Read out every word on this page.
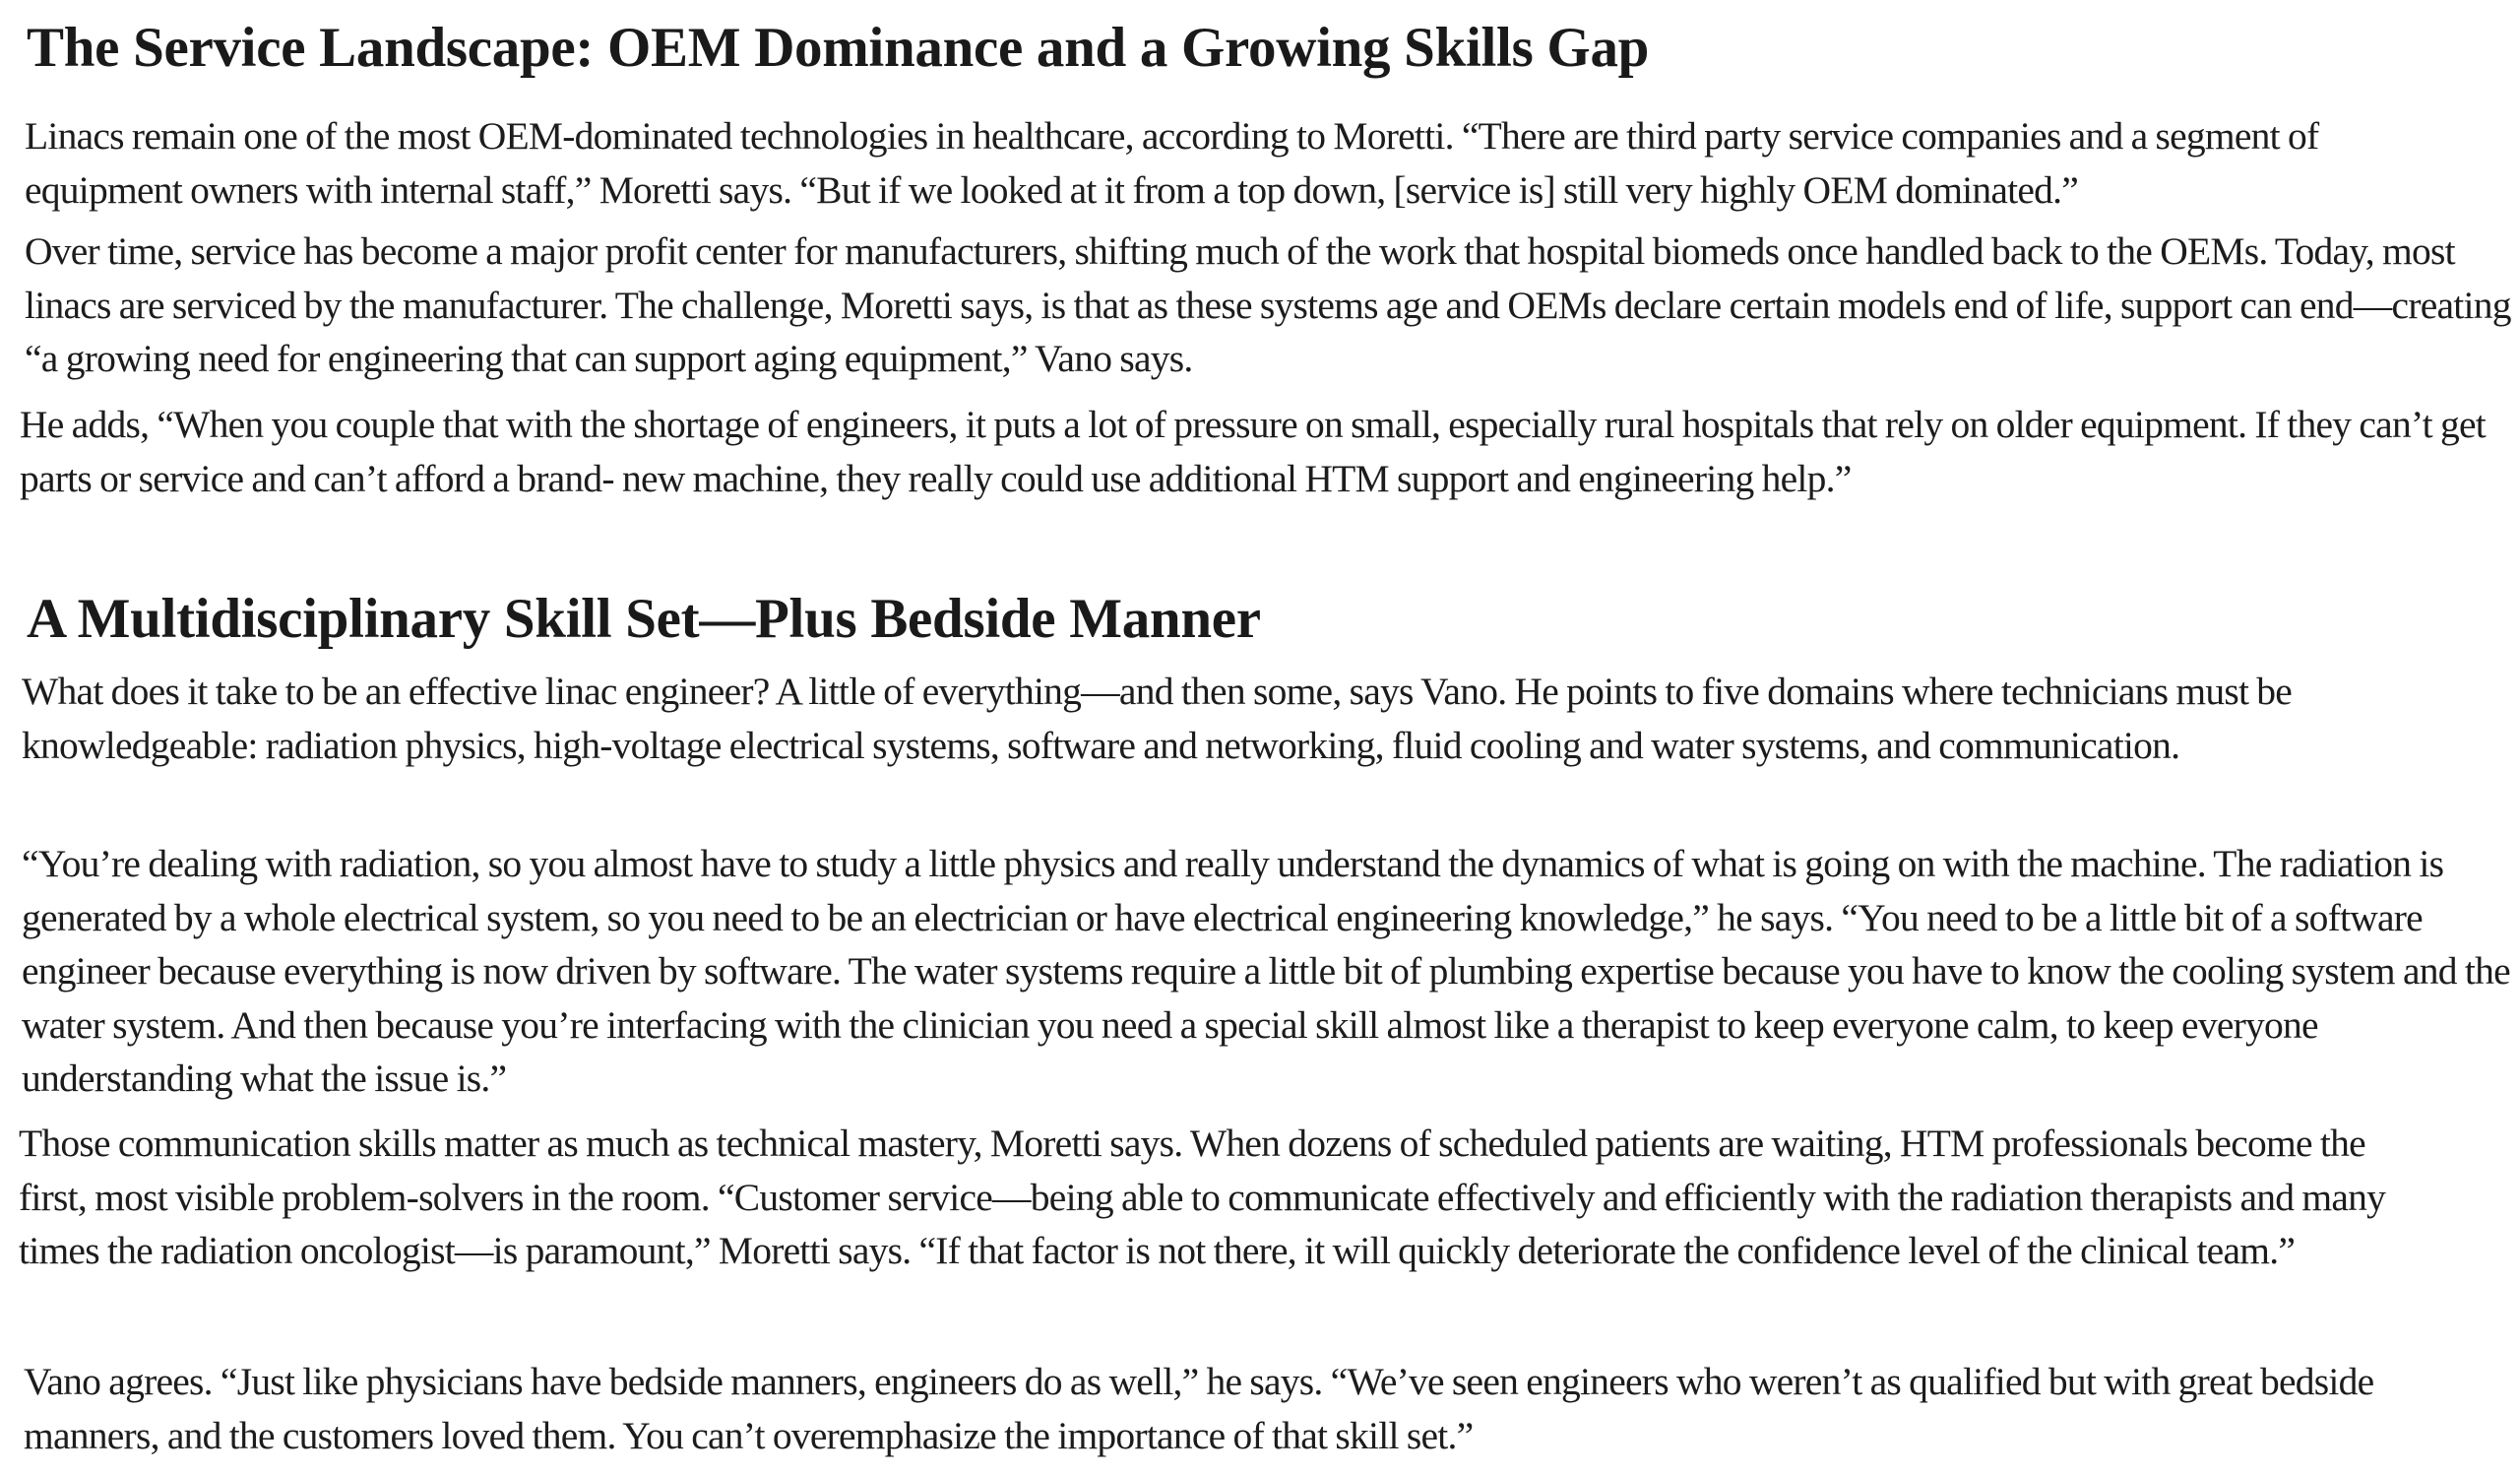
The Service Landscape: OEM Dominance and a Growing Skills Gap

Linacs remain one of the most OEM-dominated technologies in healthcare, according to Moretti. “There are third party service companies and a segment of equipment owners with internal staff,” Moretti says. “But if we looked at it from a top down, [service is] still very highly OEM dominated.”

Over time, service has become a major profit center for manufacturers, shifting much of the work that hospital biomeds once handled back to the OEMs. Today, most linacs are serviced by the manufacturer. The challenge, Moretti says, is that as these systems age and OEMs declare certain models end of life, support can end—creating “a growing need for engineering that can support aging equipment,” Vano says.

He adds, “When you couple that with the shortage of engineers, it puts a lot of pressure on small, especially rural hospitals that rely on older equipment. If they can’t get parts or service and can’t afford a brand- new machine, they really could use additional HTM support and engineering help.”

A Multidisciplinary Skill Set—Plus Bedside Manner

What does it take to be an effective linac engineer? A little of everything—and then some, says Vano. He points to five domains where technicians must be knowledgeable: radiation physics, high-voltage electrical systems, software and networking, fluid cooling and water systems, and communication.

“You’re dealing with radiation, so you almost have to study a little physics and really understand the dynamics of what is going on with the machine. The radiation is generated by a whole electrical system, so you need to be an electrician or have electrical engineering knowledge,” he says. “You need to be a little bit of a software engineer because everything is now driven by software. The water systems require a little bit of plumbing expertise because you have to know the cooling system and the water system. And then because you’re interfacing with the clinician you need a special skill almost like a therapist to keep everyone calm, to keep everyone understanding what the issue is.”

Those communication skills matter as much as technical mastery, Moretti says. When dozens of scheduled patients are waiting, HTM professionals become the first, most visible problem-solvers in the room. “Customer service—being able to communicate effectively and efficiently with the radiation therapists and many times the radiation oncologist—is paramount,” Moretti says. “If that factor is not there, it will quickly deteriorate the confidence level of the clinical team.”

Vano agrees. “Just like physicians have bedside manners, engineers do as well,” he says. “We’ve seen engineers who weren’t as qualified but with great bedside manners, and the customers loved them. You can’t overemphasize the importance of that skill set.”
